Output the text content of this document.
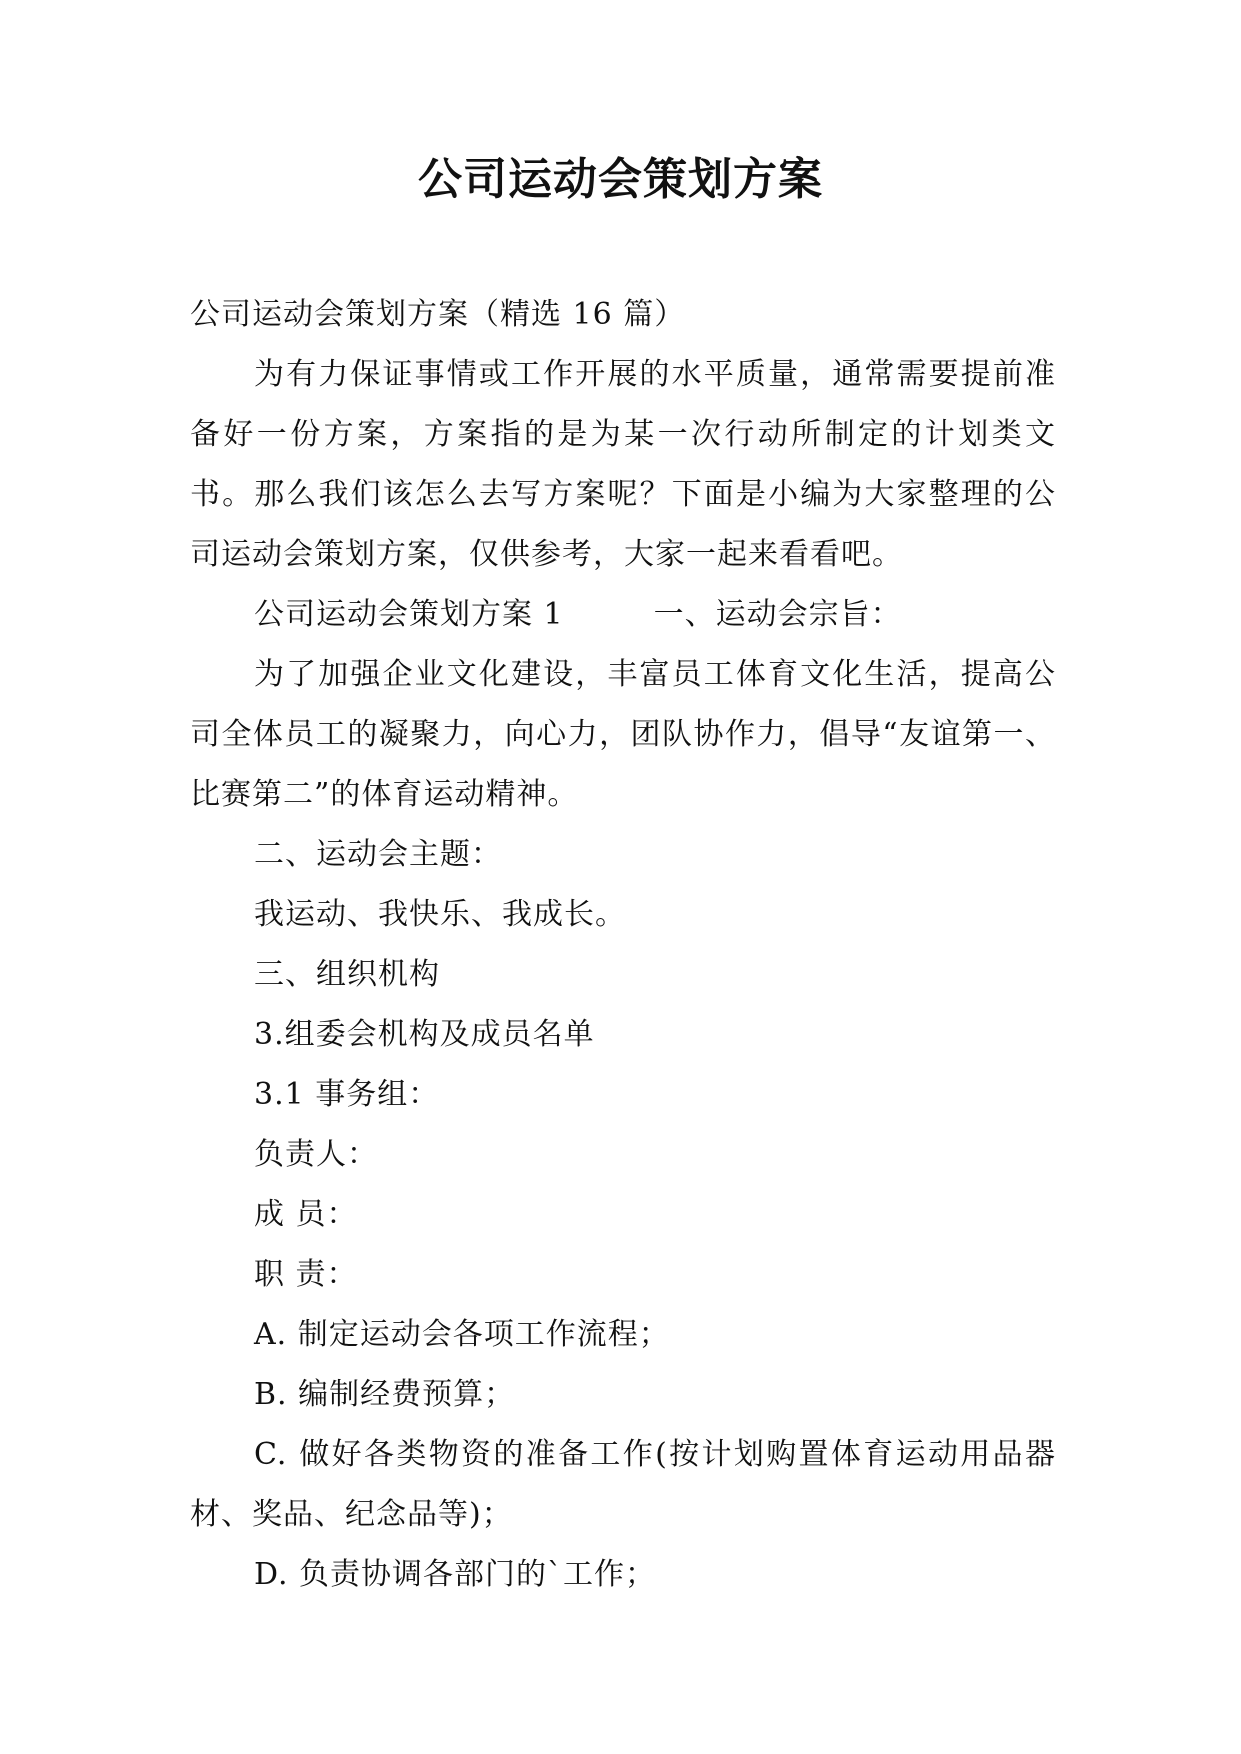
公司运动会策划方案

公司运动会策划方案（精选 16 篇）

为有力保证事情或工作开展的水平质量，通常需要提前准备好一份方案，方案指的是为某一次行动所制定的计划类文书。那么我们该怎么去写方案呢？下面是小编为大家整理的公司运动会策划方案，仅供参考，大家一起来看看吧。

公司运动会策划方案 1	一、运动会宗旨：

为了加强企业文化建设，丰富员工体育文化生活，提高公司全体员工的凝聚力，向心力，团队协作力，倡导“友谊第一、比赛第二”的体育运动精神。

二、运动会主题：

我运动、我快乐、我成长。

三、组织机构

3.组委会机构及成员名单

3.1 事务组：

负责人：

成 员：

职 责：

A. 制定运动会各项工作流程；

B. 编制经费预算；

C. 做好各类物资的准备工作(按计划购置体育运动用品器材、奖品、纪念品等)；

D. 负责协调各部门的`工作；
